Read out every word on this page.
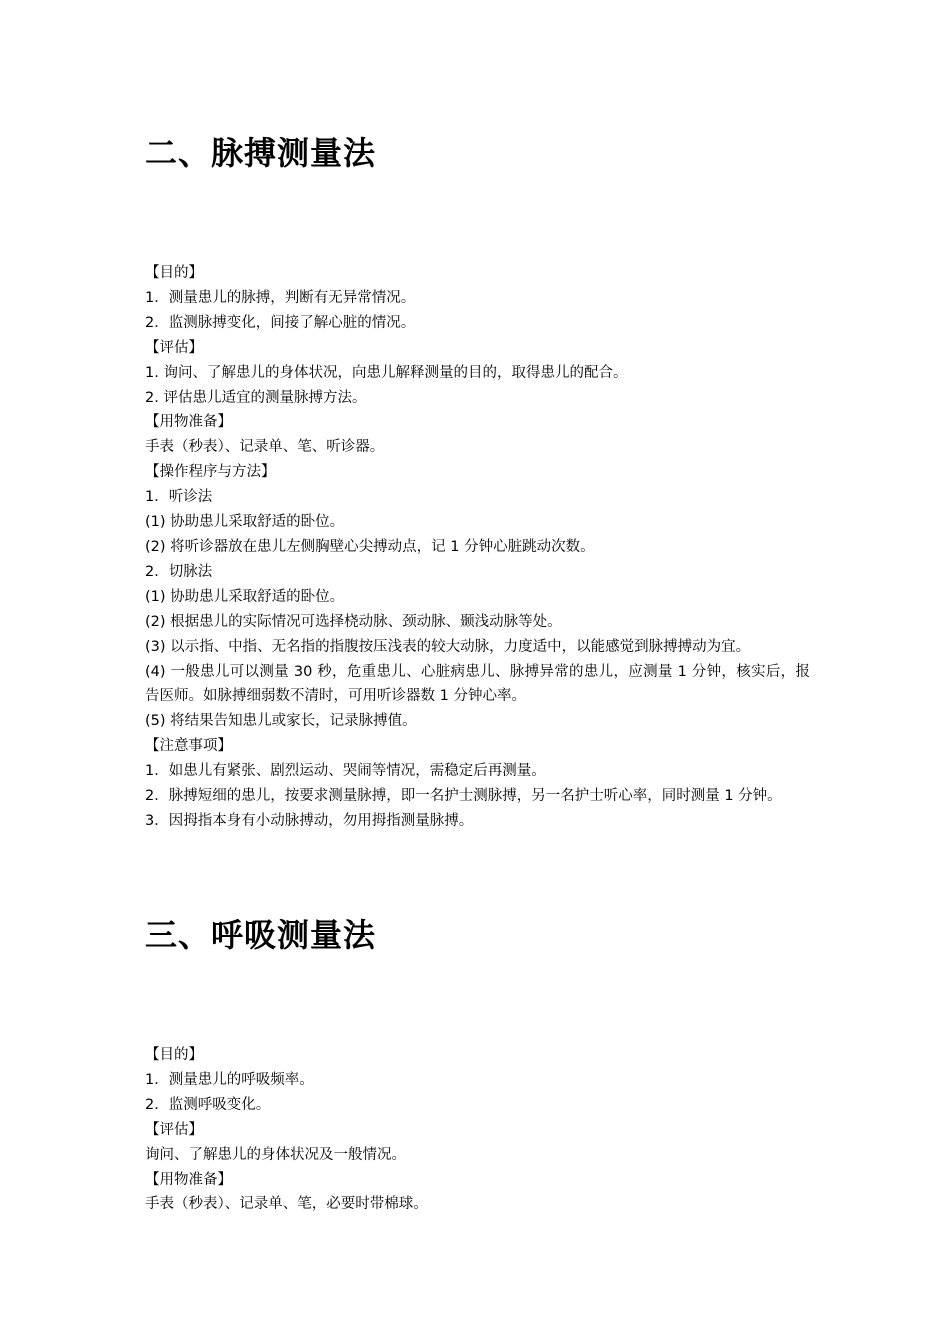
二、脉搏测量法

【目的】

1．测量患儿的脉搏，判断有无异常情况。

2．监测脉搏变化，间接了解心脏的情况。

【评估】

1. 询问、了解患儿的身体状况，向患儿解释测量的目的，取得患儿的配合。

2. 评估患儿适宜的测量脉搏方法。

【用物准备】

手表（秒表）、记录单、笔、听诊器。

【操作程序与方法】

1．听诊法

(1) 协助患儿采取舒适的卧位。

(2) 将听诊器放在患儿左侧胸壁心尖搏动点，记 1 分钟心脏跳动次数。

2．切脉法

(1) 协助患儿采取舒适的卧位。

(2) 根据患儿的实际情况可选择桡动脉、颈动脉、颞浅动脉等处。

(3) 以示指、中指、无名指的指腹按压浅表的较大动脉，力度适中，以能感觉到脉搏搏动为宜。

(4) 一般患儿可以测量 30 秒，危重患儿、心脏病患儿、脉搏异常的患儿，应测量 1 分钟，核实后，报告医师。如脉搏细弱数不清时，可用听诊器数 1 分钟心率。

(5) 将结果告知患儿或家长，记录脉搏值。

【注意事项】

1．如患儿有紧张、剧烈运动、哭闹等情况，需稳定后再测量。

2．脉搏短细的患儿，按要求测量脉搏，即一名护士测脉搏，另一名护士听心率，同时测量 1 分钟。

3．因拇指本身有小动脉搏动，勿用拇指测量脉搏。

三、呼吸测量法

【目的】

1．测量患儿的呼吸频率。

2．监测呼吸变化。

【评估】

询问、了解患儿的身体状况及一般情况。

【用物准备】

手表（秒表）、记录单、笔，必要时带棉球。
